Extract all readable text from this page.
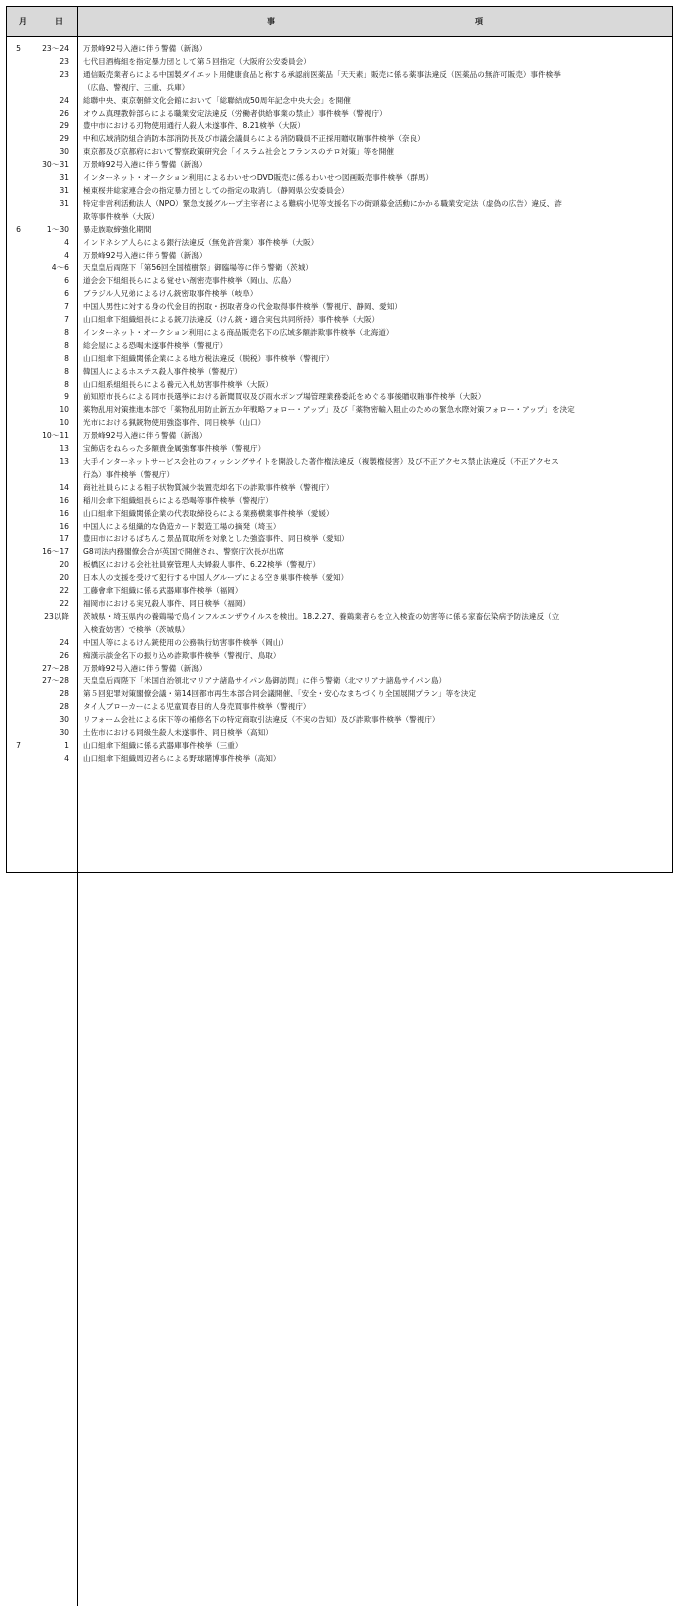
月	日	事	項
5	23～24	万景峰92号入港に伴う警備（新潟）
23	七代目酒梅組を指定暴力団として第５回指定（大阪府公安委員会）
23	通信販売業者らによる中国製ダイエット用健康食品と称する承認前医薬品「天天素」販売に係る薬事法違反（医薬品の無許可販売）事件検挙
（広島、警視庁、三重、兵庫）
24	総聯中央、東京朝鮮文化会館において「総聯結成50周年記念中央大会」を開催
26	オウム真理教幹部らによる職業安定法違反（労働者供給事業の禁止）事件検挙（警視庁）
29	豊中市における刃物使用通行人殺人未遂事件、8.21検挙（大阪）
29	中和広域消防組合消防本部消防長及び市議会議員らによる消防職員不正採用贈収賄事件検挙（奈良）
30	東京都及び京都府において警察政策研究会「イスラム社会とフランスのテロ対策」等を開催
30～31	万景峰92号入港に伴う警備（新潟）
31	インターネット・オークション利用によるわいせつDVD販売に係るわいせつ図画販売事件検挙（群馬）
31	極東桜井総家連合会の指定暴力団としての指定の取消し（静岡県公安委員会）
31	特定非営利活動法人（NPO）緊急支援グループ主宰者による難病小児等支援名下の街頭募金活動にかかる職業安定法（虚偽の広告）違反、詐
欺等事件検挙（大阪）
6	1～30	暴走族取締強化期間
4	インドネシア人らによる銀行法違反（無免許営業）事件検挙（大阪）
4	万景峰92号入港に伴う警備（新潟）
4～6	天皇皇后両陛下「第56回全国植樹祭」御臨場等に伴う警衛（茨城）
6	道会会下組組長らによる覚せい剤密売事件検挙（岡山、広島）
6	ブラジル人兄弟によるけん銃密取事件検挙（岐阜）
7	中国人男性に対する身の代金目的拐取・拐取者身の代金取得事件検挙（警視庁、静岡、愛知）
7	山口組傘下組織組長による銃刀法違反（けん銃・適合実包共同所持）事件検挙（大阪）
8	インターネット・オークション利用による商品販売名下の広域多額詐欺事件検挙（北海道）
8	総会屋による恐喝未遂事件検挙（警視庁）
8	山口組傘下組織関係企業による地方税法違反（脱税）事件検挙（警視庁）
8	韓国人によるホステス殺人事件検挙（警視庁）
8	山口組系組組長らによる養元入札妨害事件検挙（大阪）
9	前知原市長らによる同市長選挙における新聞買収及び雨水ポンプ場管理業務委託をめぐる事後贈収賄事件検挙（大阪）
10	薬物乱用対策推進本部で「薬物乱用防止新五か年戦略フォロー・アップ」及び「薬物密輸入阻止のための緊急水際対策フォロー・アップ」を決定
10	光市における猟銃物使用強盗事件、同日検挙（山口）
10～11	万景峰92号入港に伴う警備（新潟）
13	宝飾店をねらった多額貴金属強奪事件検挙（警視庁）
13	大手インターネットサービス会社のフィッシングサイトを開設した著作権法違反（複製権侵害）及び不正アクセス禁止法違反（不正アクセス
行為）事件検挙（警視庁）
14	商社社員らによる粗子状物質減少装置売却名下の詐欺事件検挙（警視庁）
16	稲川会傘下組織組長らによる恐喝等事件検挙（警視庁）
16	山口組傘下組織関係企業の代表取締役らによる業務横業事件検挙（愛媛）
16	中国人による組織的な偽造カード製造工場の摘発（埼玉）
17	豊田市におけるぱちんこ景品買取所を対象とした強盗事件、同日検挙（愛知）
16～17	G8司法内務閣僚会合が英国で開催され、警察庁次長が出席
20	板橋区における会社社員寮管理人夫婦殺人事件、6.22検挙（警視庁）
20	日本人の支援を受けて犯行する中国人グループによる空き巣事件検挙（愛知）
22	工藤會傘下組織に係る武器庫事件検挙（福岡）
22	福岡市における実兄殺人事件、同日検挙（福岡）
23以降	茨城県・埼玉県内の養鶏場で鳥インフルエンザウイルスを検出。18.2.27、養鶏業者らを立入検査の妨害等に係る家畜伝染病予防法違反（立
入検査妨害）で検挙（茨城県）
24	中国人等によるけん銃使用の公務執行妨害事件検挙（岡山）
26	痴漢示談金名下の振り込め詐欺事件検挙（警視庁、鳥取）
27～28	万景峰92号入港に伴う警備（新潟）
27～28	天皇皇后両陛下「米国自治領北マリアナ諸島サイパン島御訪問」に伴う警衛（北マリアナ諸島サイパン島）
28	第５回犯罪対策閣僚会議・第14回都市再生本部合同会議開催、「安全・安心なまちづくり全国展開プラン」等を決定
28	タイ人ブローカーによる児童買春目的人身売買事件検挙（警視庁）
30	リフォーム会社による床下等の補修名下の特定商取引法違反（不実の告知）及び詐欺事件検挙（警視庁）
30	土佐市における同級生殺人未遂事件、同日検挙（高知）
7	1	山口組傘下組織に係る武器庫事件検挙（三重）
4	山口組傘下組織周辺者らによる野球賭博事件検挙（高知）
